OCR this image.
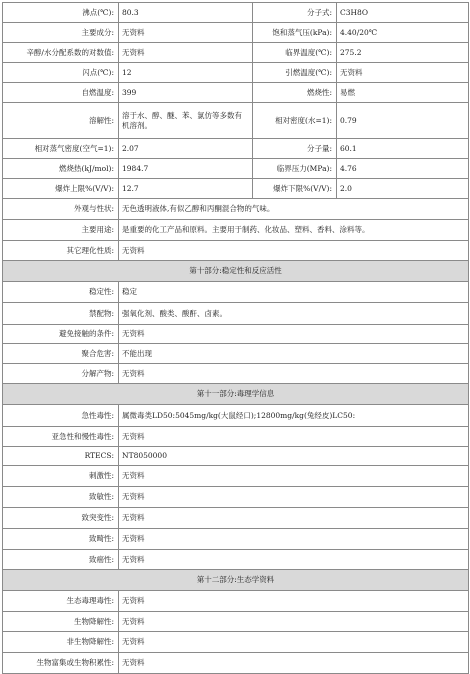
沸点(℃):	80.3	分子式:	C3H8O
主要成分:	无资料	饱和蒸气压(kPa):	4.40/20℃
辛醇/水分配系数的对数值:	无资料	临界温度(℃):	275.2
闪点(℃):	12	引燃温度(℃):	无资料
自燃温度:	399	燃烧性:	易燃
溶解性:	溶于水、醇、醚、苯、氯仿等多数有机溶剂。	相对密度(水=1):	0.79
相对蒸气密度(空气=1):	2.07	分子量:	60.1
燃烧热(kJ/mol):	1984.7	临界压力(MPa):	4.76
爆炸上限%(V/V):	12.7	爆炸下限%(V/V):	2.0
外观与性状:	无色透明液体,有似乙醇和丙酮混合物的气味。		
主要用途:	是重要的化工产品和原料。主要用于制药、化妆品、塑料、香料、涂料等。		
其它理化性质:	无资料		
第十部分:稳定性和反应活性			
稳定性:	稳定		
禁配物:	强氧化剂、酸类、酸酐、卤素。		
避免接触的条件:	无资料		
聚合危害:	不能出现		
分解产物:	无资料		
第十一部分:毒理学信息			
急性毒性:	属微毒类LD50:5045mg/kg(大鼠经口);12800mg/kg(兔经皮)LC50:		
亚急性和慢性毒性:	无资料		
RTECS:	NT8050000		
刺激性:	无资料		
致敏性:	无资料		
致突变性:	无资料		
致畸性:	无资料		
致癌性:	无资料		
第十二部分:生态学资料			
生态毒理毒性:	无资料		
生物降解性:	无资料		
非生物降解性:	无资料		
生物富集或生物积累性:	无资料		
